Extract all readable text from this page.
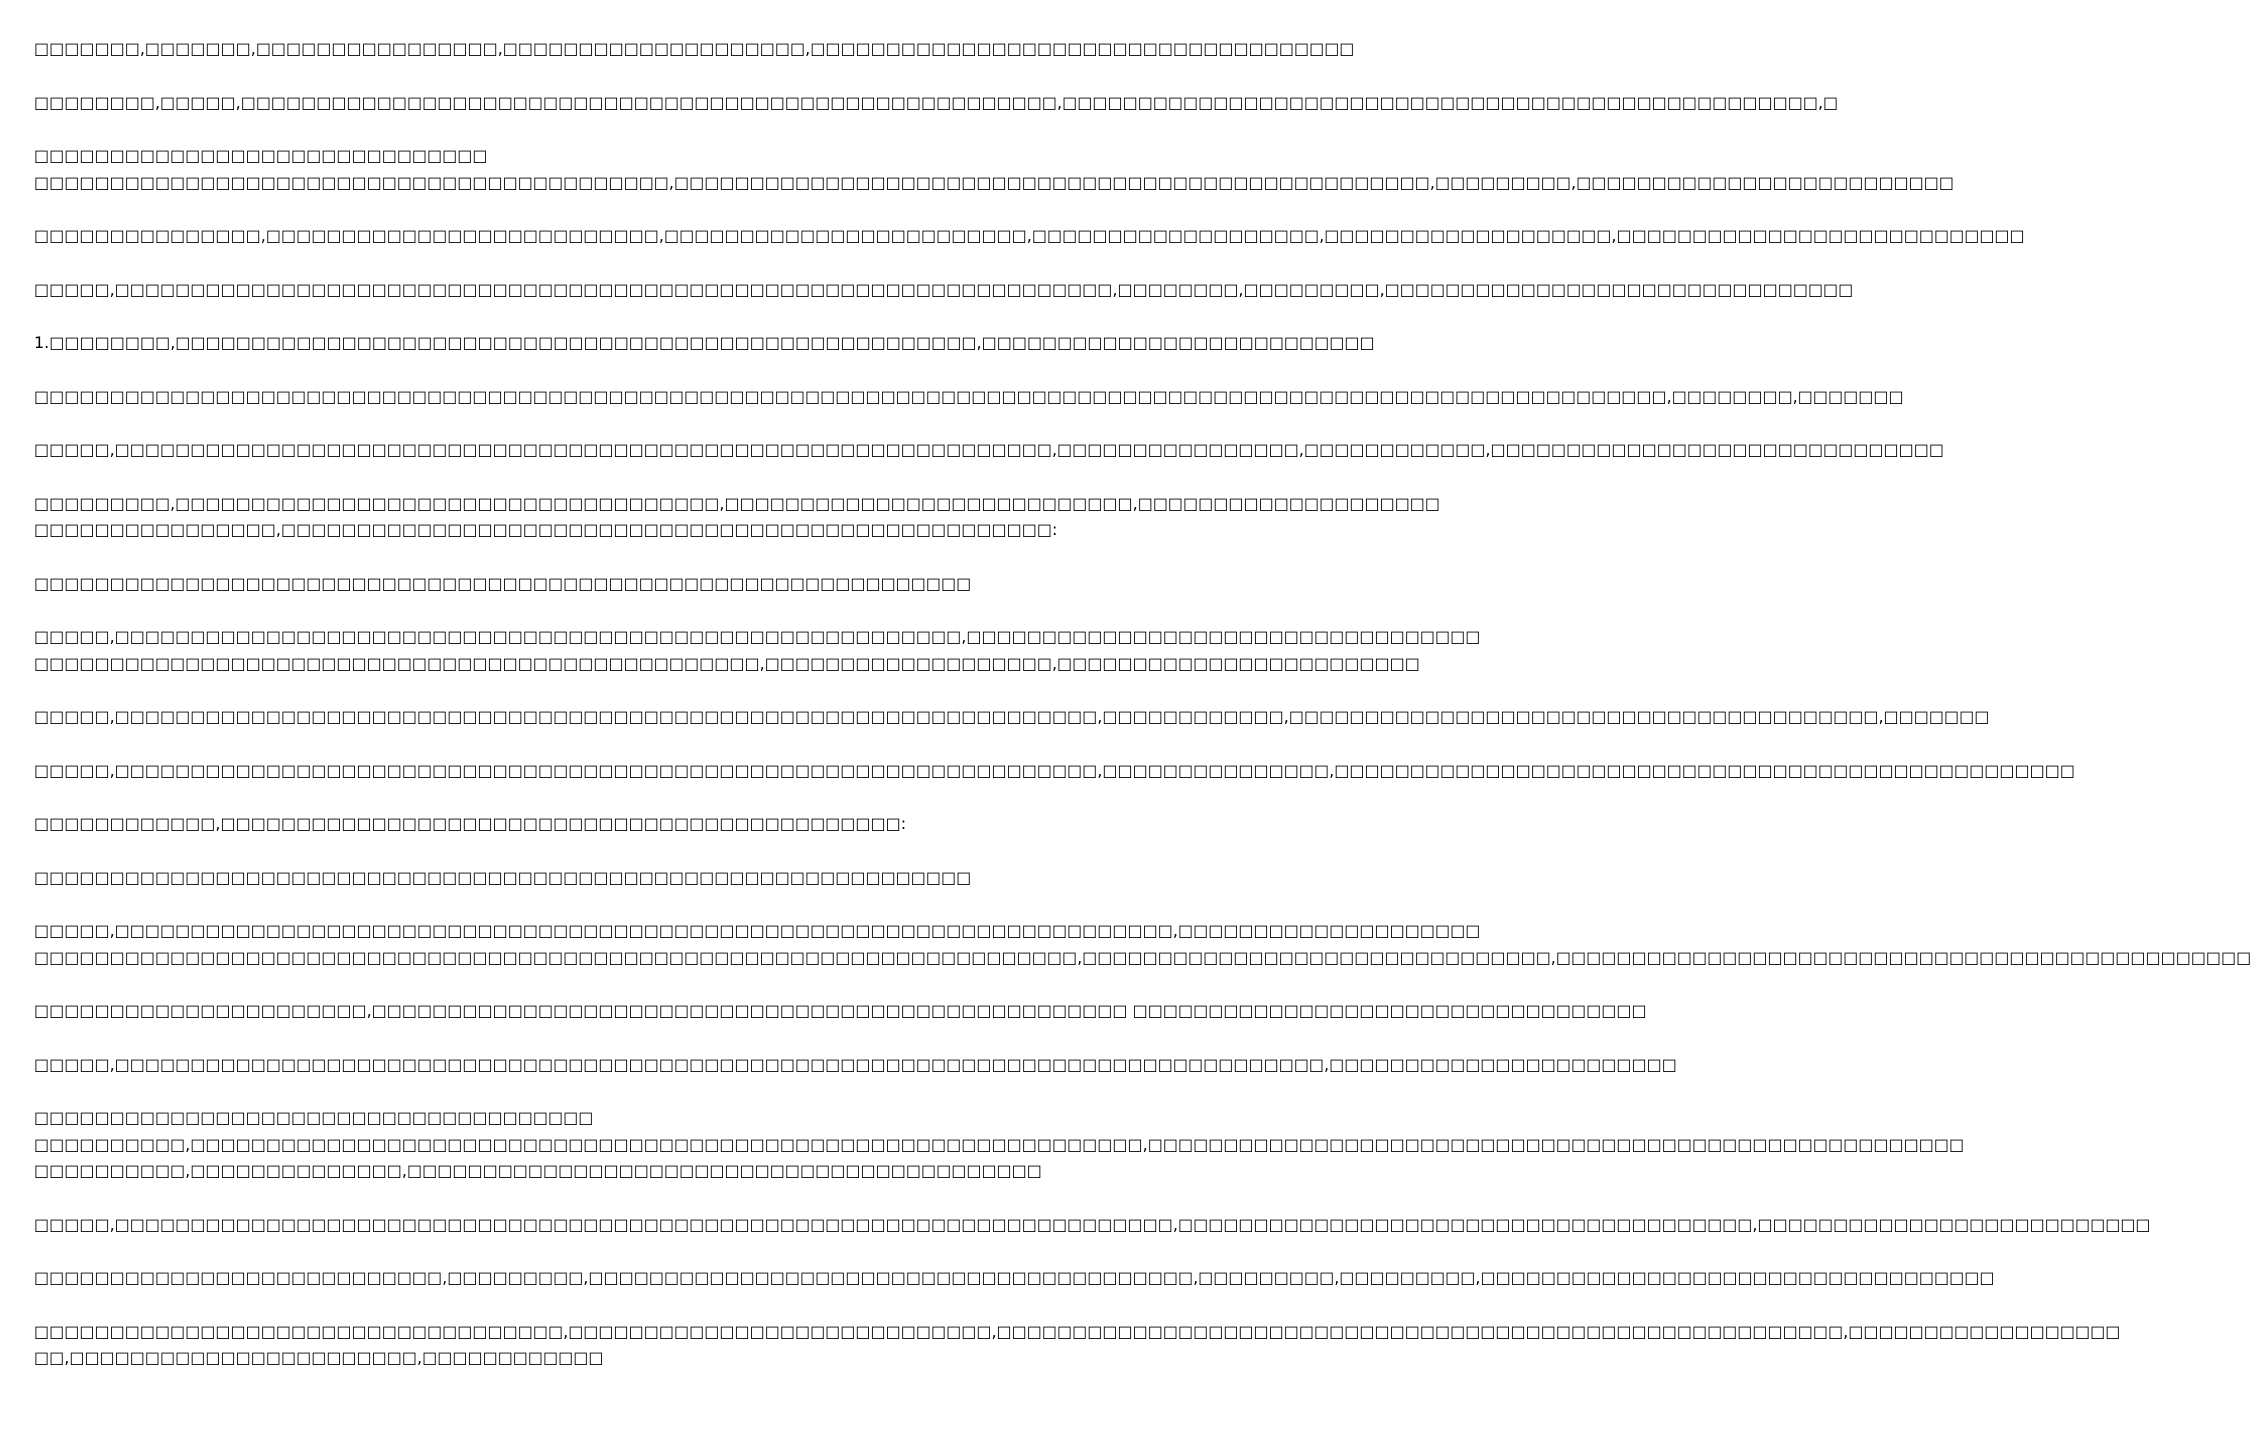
□□□□□□□,□□□□□□□,□□□□□□□□□□□□□□□□,□□□□□□□□□□□□□□□□□□□□,□□□□□□□□□□□□□□□□□□□□□□□□□□□□□□□□□□□□
□□□□□□□□,□□□□□,□□□□□□□□□□□□□□□□□□□□□□□□□□□□□□□□□□□□□□□□□□□□□□□□□□□□□□,□□□□□□□□□□□□□□□□□□□□□□□□□□□□□□□□□□□□□□□□□□□□□□□□□□,□
□□□□□□□□□□□□□□□□□□□□□□□□□□□□□□
□□□□□□□□□□□□□□□□□□□□□□□□□□□□□□□□□□□□□□□□□□,□□□□□□□□□□□□□□□□□□□□□□□□□□□□□□□□□□□□□□□□□□□□□□□□□□,□□□□□□□□□,□□□□□□□□□□□□□□□□□□□□□□□□□
□□□□□□□□□□□□□□□,□□□□□□□□□□□□□□□□□□□□□□□□□□,□□□□□□□□□□□□□□□□□□□□□□□□,□□□□□□□□□□□□□□□□□□□,□□□□□□□□□□□□□□□□□□□,□□□□□□□□□□□□□□□□□□□□□□□□□□□
□□□□□,□□□□□□□□□□□□□□□□□□□□□□□□□□□□□□□□□□□□□□□□□□□□□□□□□□□□□□□□□□□□□□□□□□,□□□□□□□□,□□□□□□□□□,□□□□□□□□□□□□□□□□□□□□□□□□□□□□□□□
1.□□□□□□□□,□□□□□□□□□□□□□□□□□□□□□□□□□□□□□□□□□□□□□□□□□□□□□□□□□□□□□,□□□□□□□□□□□□□□□□□□□□□□□□□□
□□□□□□□□□□□□□□□□□□□□□□□□□□□□□□□□□□□□□□□□□□□□□□□□□□□□□□□□□□□□□□□□□□□□□□□□□□□□□□□□□□□□□□□□□□□□□□□□□□□□□□□□□□□□,□□□□□□□□,□□□□□□□
□□□□□,□□□□□□□□□□□□□□□□□□□□□□□□□□□□□□□□□□□□□□□□□□□□□□□□□□□□□□□□□□□□□□,□□□□□□□□□□□□□□□□,□□□□□□□□□□□□,□□□□□□□□□□□□□□□□□□□□□□□□□□□□□□
□□□□□□□□□,□□□□□□□□□□□□□□□□□□□□□□□□□□□□□□□□□□□□,□□□□□□□□□□□□□□□□□□□□□□□□□□□,□□□□□□□□□□□□□□□□□□□□
□□□□□□□□□□□□□□□□,□□□□□□□□□□□□□□□□□□□□□□□□□□□□□□□□□□□□□□□□□□□□□□□□□□□:
□□□□□□□□□□□□□□□□□□□□□□□□□□□□□□□□□□□□□□□□□□□□□□□□□□□□□□□□□□□□□□
□□□□□,□□□□□□□□□□□□□□□□□□□□□□□□□□□□□□□□□□□□□□□□□□□□□□□□□□□□□□□□,□□□□□□□□□□□□□□□□□□□□□□□□□□□□□□□□□□
□□□□□□□□□□□□□□□□□□□□□□□□□□□□□□□□□□□□□□□□□□□□□□□□,□□□□□□□□□□□□□□□□□□□,□□□□□□□□□□□□□□□□□□□□□□□□
□□□□□,□□□□□□□□□□□□□□□□□□□□□□□□□□□□□□□□□□□□□□□□□□□□□□□□□□□□□□□□□□□□□□□□□,□□□□□□□□□□□□,□□□□□□□□□□□□□□□□□□□□□□□□□□□□□□□□□□□□□□□,□□□□□□□
□□□□□,□□□□□□□□□□□□□□□□□□□□□□□□□□□□□□□□□□□□□□□□□□□□□□□□□□□□□□□□□□□□□□□□□,□□□□□□□□□□□□□□□,□□□□□□□□□□□□□□□□□□□□□□□□□□□□□□□□□□□□□□□□□□□□□□□□□
□□□□□□□□□□□□,□□□□□□□□□□□□□□□□□□□□□□□□□□□□□□□□□□□□□□□□□□□□□:
□□□□□□□□□□□□□□□□□□□□□□□□□□□□□□□□□□□□□□□□□□□□□□□□□□□□□□□□□□□□□□
□□□□□,□□□□□□□□□□□□□□□□□□□□□□□□□□□□□□□□□□□□□□□□□□□□□□□□□□□□□□□□□□□□□□□□□□□□□□,□□□□□□□□□□□□□□□□□□□□
□□□□□□□□□□□□□□□□□□□□□□□□□□□□□□□□□□□□□□□□□□□□□□□□□□□□□□□□□□□□□□□□□□□□□,□□□□□□□□□□□□□□□□□□□□□□□□□□□□□□□,□□□□□□□□□□□□□□□□□□□□□□□□□□□□□□□□□□□□□□□□□□□□□□
□□□□□□□□□□□□□□□□□□□□□□,□□□□□□□□□□□□□□□□□□□□□□□□□□□□□□□□□□□□□□□□□□□□□□□□□□ □□□□□□□□□□□□□□□□□□□□□□□□□□□□□□□□□□
□□□□□,□□□□□□□□□□□□□□□□□□□□□□□□□□□□□□□□□□□□□□□□□□□□□□□□□□□□□□□□□□□□□□□□□□□□□□□□□□□□□□□□,□□□□□□□□□□□□□□□□□□□□□□□
□□□□□□□□□□□□□□□□□□□□□□□□□□□□□□□□□□□□□
□□□□□□□□□□,□□□□□□□□□□□□□□□□□□□□□□□□□□□□□□□□□□□□□□□□□□□□□□□□□□□□□□□□□□□□□□□,□□□□□□□□□□□□□□□□□□□□□□□□□□□□□□□□□□□□□□□□□□□□□□□□□□□□□□
□□□□□□□□□□,□□□□□□□□□□□□□□,□□□□□□□□□□□□□□□□□□□□□□□□□□□□□□□□□□□□□□□□□□
□□□□□,□□□□□□□□□□□□□□□□□□□□□□□□□□□□□□□□□□□□□□□□□□□□□□□□□□□□□□□□□□□□□□□□□□□□□□,□□□□□□□□□□□□□□□□□□□□□□□□□□□□□□□□□□□□□□,□□□□□□□□□□□□□□□□□□□□□□□□□□
□□□□□□□□□□□□□□□□□□□□□□□□□□□,□□□□□□□□□,□□□□□□□□□□□□□□□□□□□□□□□□□□□□□□□□□□□□□□□□,□□□□□□□□□,□□□□□□□□□,□□□□□□□□□□□□□□□□□□□□□□□□□□□□□□□□□□
□□□□□□□□□□□□□□□□□□□□□□□□□□□□□□□□□□□,□□□□□□□□□□□□□□□□□□□□□□□□□□□□,□□□□□□□□□□□□□□□□□□□□□□□□□□□□□□□□□□□□□□□□□□□□□□□□□□□□□□□□,□□□□□□□□□□□□□□□□□□
□□,□□□□□□□□□□□□□□□□□□□□□□□,□□□□□□□□□□□□
